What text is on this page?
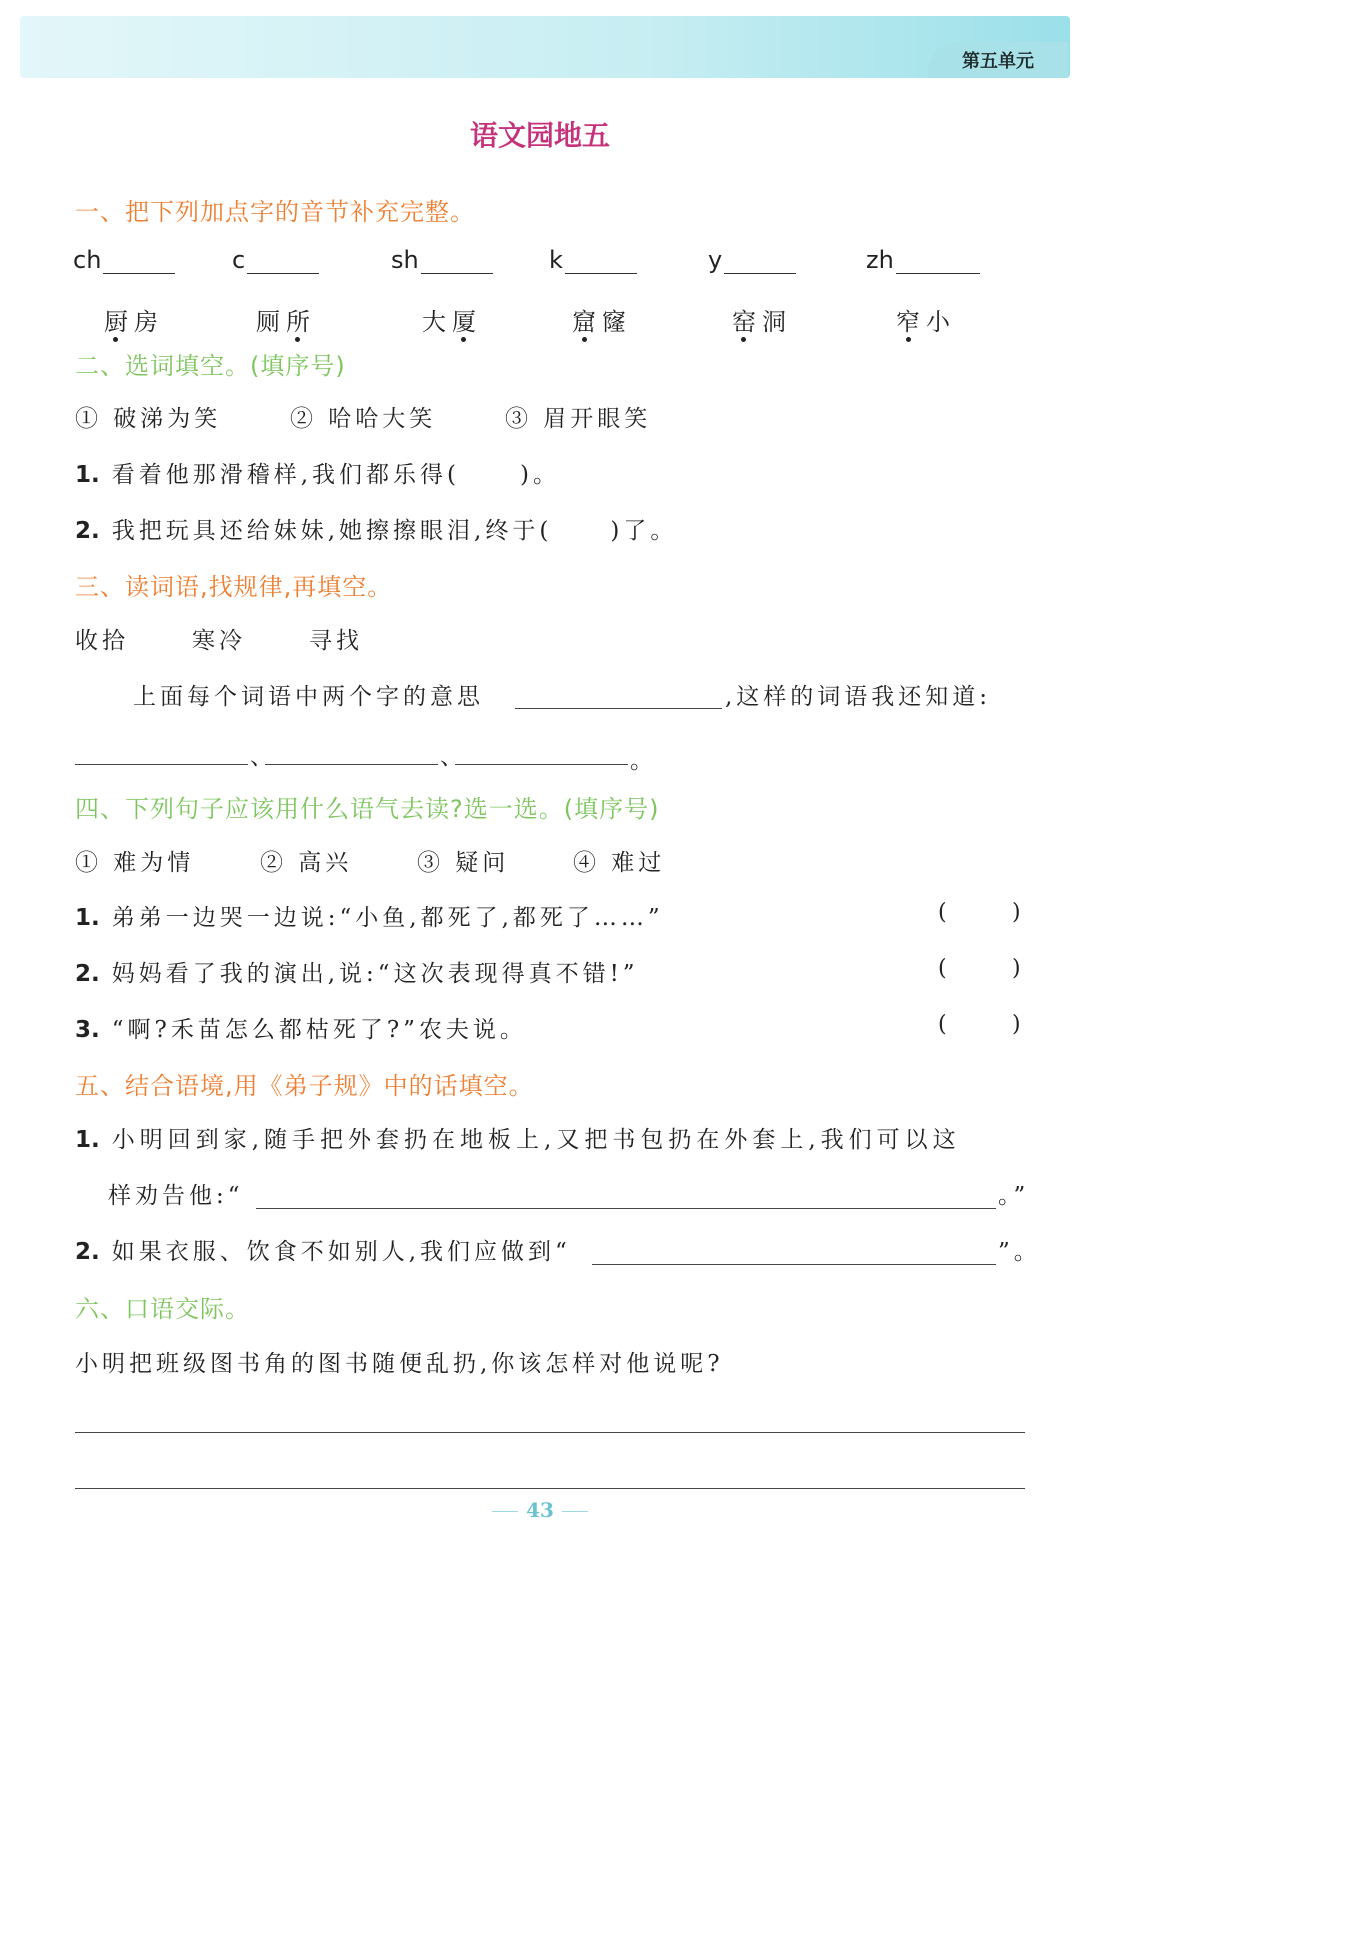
第五单元
语文园地五
一、把下列加点字的音节补充完整。
ch	c	sh	k	y	zh
厨房	厕所	大厦	窟窿	窑洞	窄小
二、选词填空。(填序号)
① 破涕为笑	② 哈哈大笑	③ 眉开眼笑
1. 看着他那滑稽样,我们都乐得(	)。
2. 我把玩具还给妹妹,她擦擦眼泪,终于(	)了。
三、读词语,找规律,再填空。
收拾	寒冷	寻找
上面每个词语中两个字的意思	,这样的词语我还知道:
、	、	。
四、下列句子应该用什么语气去读?选一选。(填序号)
① 难为情	② 高兴	③ 疑问	④ 难过
1. 弟弟一边哭一边说:“小鱼,都死了,都死了……”	(	)
2. 妈妈看了我的演出,说:“这次表现得真不错!”	(	)
3. “啊?禾苗怎么都枯死了?”农夫说。	(	)
五、结合语境,用《弟子规》中的话填空。
1. 小明回到家,随手把外套扔在地板上,又把书包扔在外套上,我们可以这
样劝告他:“	。”
2. 如果衣服、饮食不如别人,我们应做到“	”。
六、口语交际。
小明把班级图书角的图书随便乱扔,你该怎样对他说呢?
43
